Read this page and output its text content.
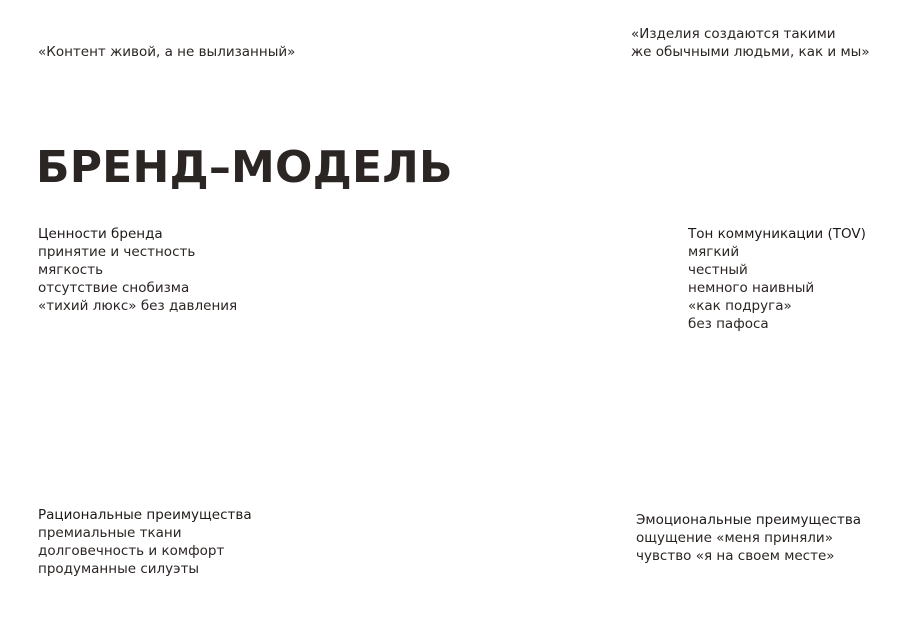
«Контент живой, а не вылизанный»
«Изделия создаются такими
же обычными людьми, как и мы»
БРЕНД–МОДЕЛЬ
Ценности бренда
принятие и честность
мягкость
отсутствие снобизма
«тихий люкс» без давления
Тон коммуникации (TOV)
мягкий
честный
немного наивный
«как подруга»
без пафоса
Рациональные преимущества
премиальные ткани
долговечность и комфорт
продуманные силуэты
Эмоциональные преимущества
ощущение «меня приняли»
чувство «я на своем месте»
